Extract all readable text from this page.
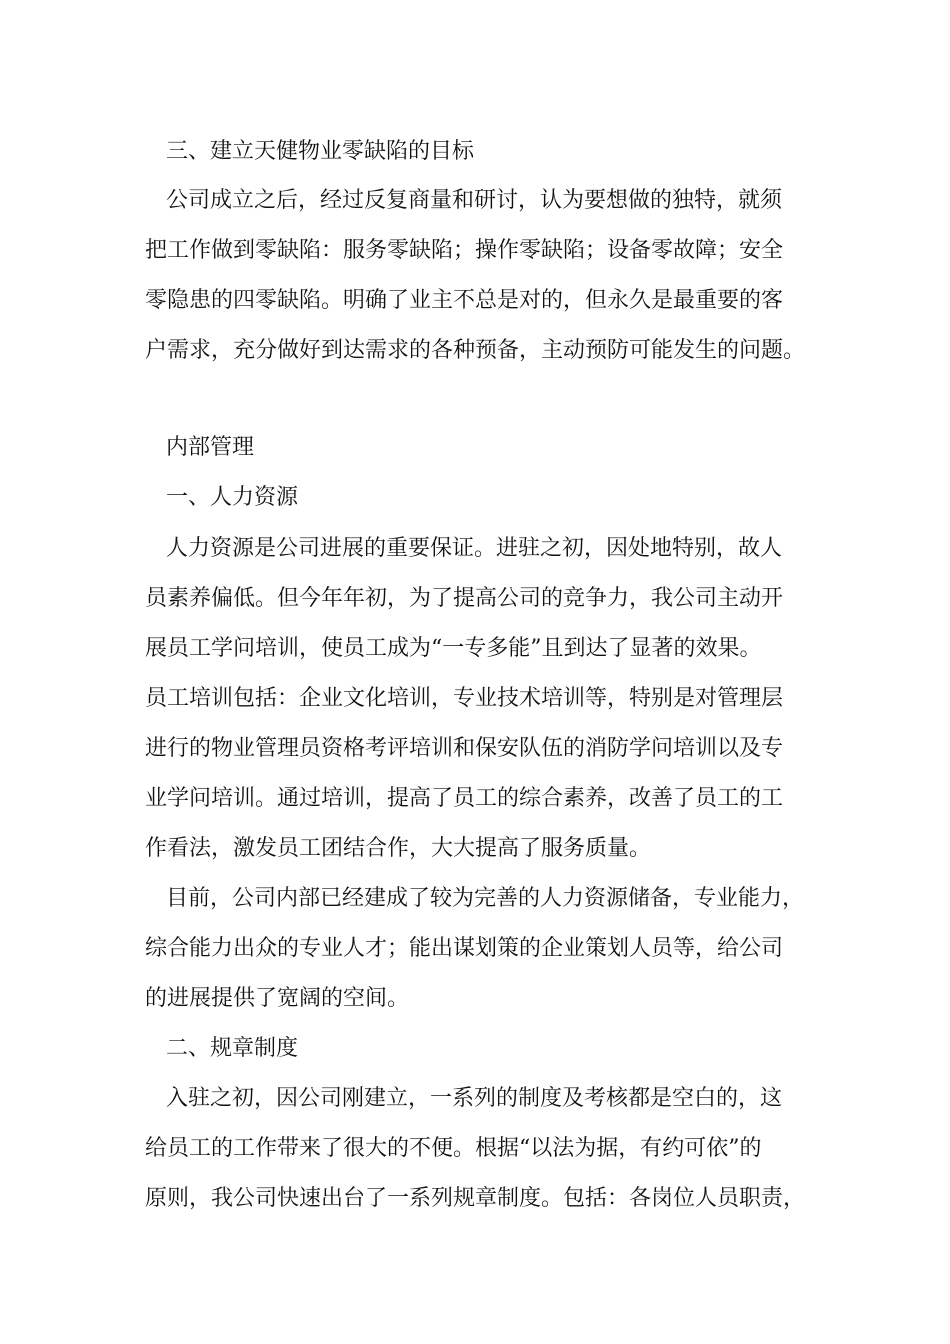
三、建立天健物业零缺陷的目标
公司成立之后，经过反复商量和研讨，认为要想做的独特，就须
把工作做到零缺陷：服务零缺陷；操作零缺陷；设备零故障；安全
零隐患的四零缺陷。明确了业主不总是对的，但永久是最重要的客
户需求，充分做好到达需求的各种预备，主动预防可能发生的问题。
内部管理
一、人力资源
人力资源是公司进展的重要保证。进驻之初，因处地特别，故人
员素养偏低。但今年年初，为了提高公司的竞争力，我公司主动开
展员工学问培训，使员工成为“一专多能”且到达了显著的效果。
员工培训包括：企业文化培训，专业技术培训等，特别是对管理层
进行的物业管理员资格考评培训和保安队伍的消防学问培训以及专
业学问培训。通过培训，提高了员工的综合素养，改善了员工的工
作看法，激发员工团结合作，大大提高了服务质量。
目前，公司内部已经建成了较为完善的人力资源储备，专业能力，
综合能力出众的专业人才；能出谋划策的企业策划人员等，给公司
的进展提供了宽阔的空间。
二、规章制度
入驻之初，因公司刚建立，一系列的制度及考核都是空白的，这
给员工的工作带来了很大的不便。根据“以法为据，有约可依”的
原则，我公司快速出台了一系列规章制度。包括：各岗位人员职责，
